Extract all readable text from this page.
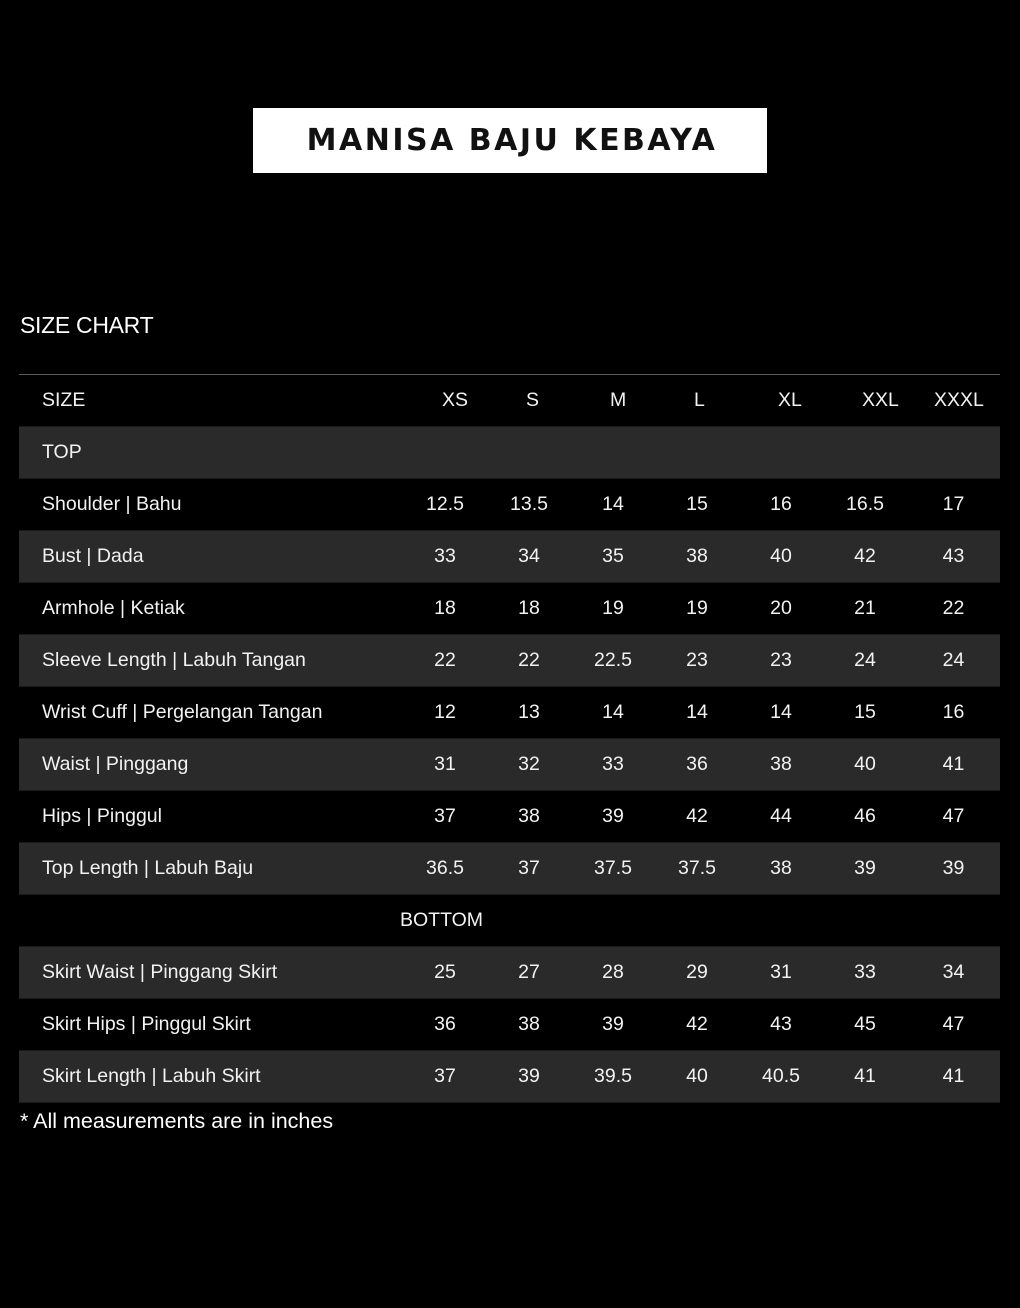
MANISA BAJU KEBAYA
SIZE CHART
SIZE	XS	S	M	L	XL	XXL	XXXL
TOP							
Shoulder | Bahu	12.5	13.5	14	15	16	16.5	17
Bust | Dada	33	34	35	38	40	42	43
Armhole | Ketiak	18	18	19	19	20	21	22
Sleeve Length | Labuh Tangan	22	22	22.5	23	23	24	24
Wrist Cuff | Pergelangan Tangan	12	13	14	14	14	15	16
Waist | Pinggang	31	32	33	36	38	40	41
Hips | Pinggul	37	38	39	42	44	46	47
Top Length | Labuh Baju	36.5	37	37.5	37.5	38	39	39
BOTTOM							
Skirt Waist | Pinggang Skirt	25	27	28	29	31	33	34
Skirt Hips | Pinggul Skirt	36	38	39	42	43	45	47
Skirt Length | Labuh Skirt	37	39	39.5	40	40.5	41	41
* All measurements are in inches
